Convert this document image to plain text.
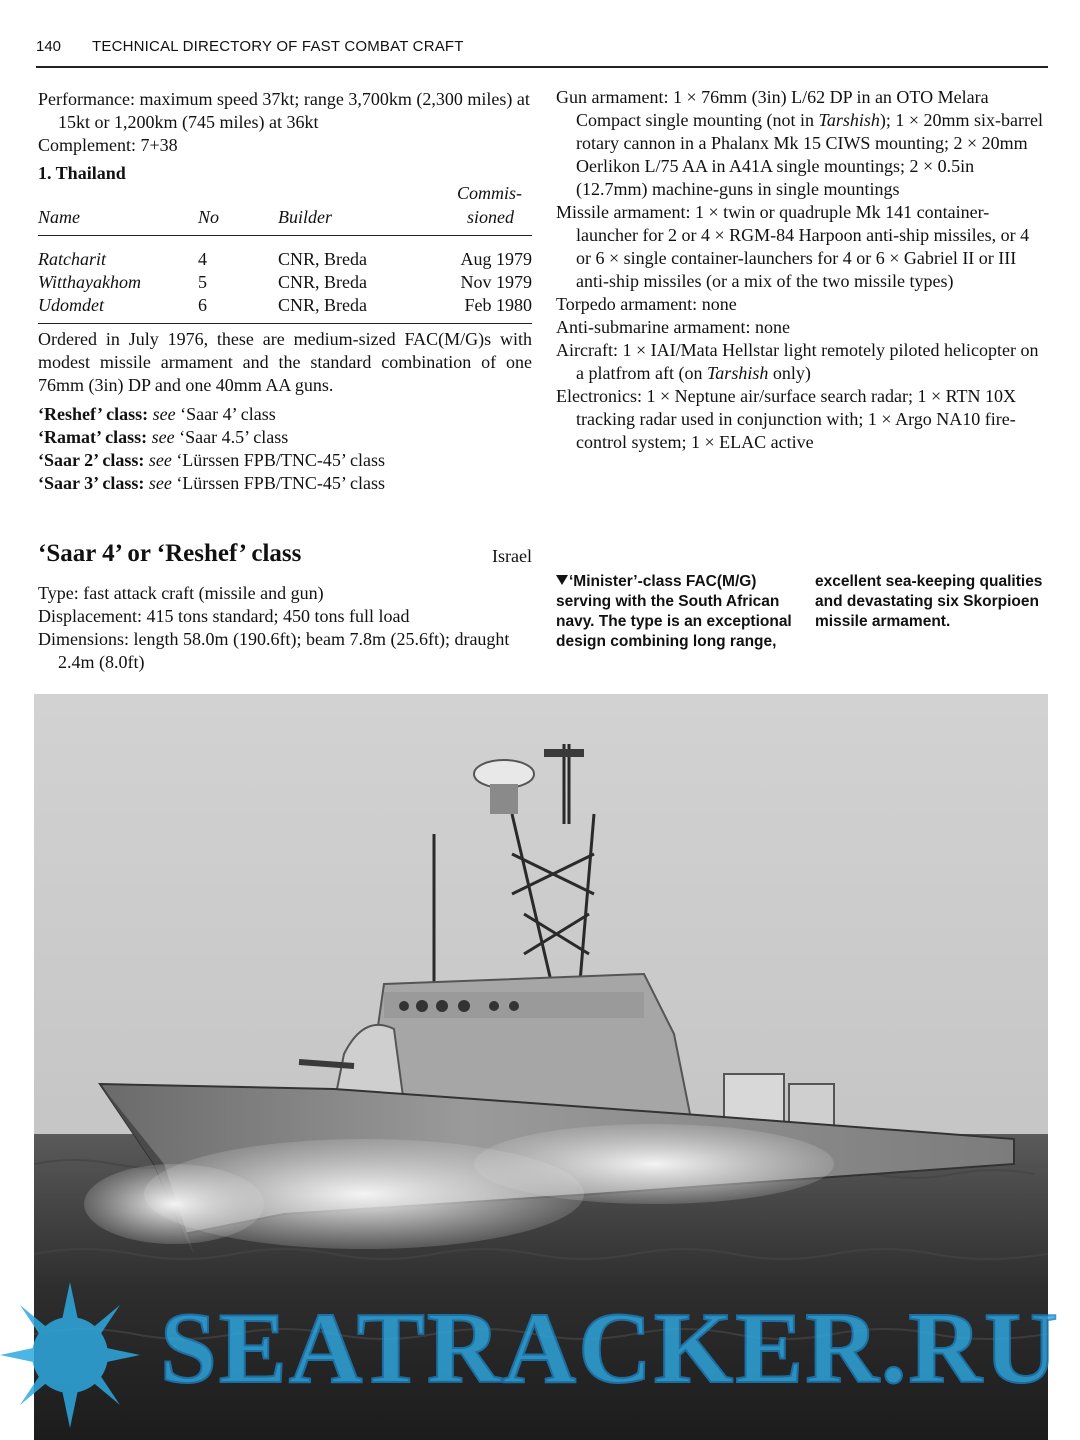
140 TECHNICAL DIRECTORY OF FAST COMBAT CRAFT

Performance: maximum speed 37kt; range 3,700km (2,300 miles) at 15kt or 1,200km (745 miles) at 36kt

Complement: 7+38

1. Thailand
Name	No	Builder	Commis-
sioned

Ratcharit	4	CNR, Breda	Aug 1979
Witthayakhom	5	CNR, Breda	Nov 1979
Udomdet	6	CNR, Breda	Feb 1980

Ordered in July 1976, these are medium-sized FAC(M/G)s with modest missile armament and the standard combination of one 76mm (3in) DP and one 40mm AA guns.

‘Reshef’ class: see ‘Saar 4’ class

‘Ramat’ class: see ‘Saar 4.5’ class

‘Saar 2’ class: see ‘Lürssen FPB/TNC-45’ class

‘Saar 3’ class: see ‘Lürssen FPB/TNC-45’ class

‘Saar 4’ or ‘Reshef’ class	Israel

Type: fast attack craft (missile and gun)

Displacement: 415 tons standard; 450 tons full load

Dimensions: length 58.0m (190.6ft); beam 7.8m (25.6ft); draught 2.4m (8.0ft)

Gun armament: 1 × 76mm (3in) L/62 DP in an OTO Melara Compact single mounting (not in Tarshish); 1 × 20mm six-barrel rotary cannon in a Phalanx Mk 15 CIWS mounting; 2 × 20mm Oerlikon L/75 AA in A41A single mountings; 2 × 0.5in (12.7mm) machine-guns in single mountings

Missile armament: 1 × twin or quadruple Mk 141 container-launcher for 2 or 4 × RGM-84 Harpoon anti-ship missiles, or 4 or 6 × single container-launchers for 4 or 6 × Gabriel II or III anti-ship missiles (or a mix of the two missile types)

Torpedo armament: none

Anti-submarine armament: none

Aircraft: 1 × IAI/Mata Hellstar light remotely piloted helicopter on a platfrom aft (on Tarshish only)

Electronics: 1 × Neptune air/surface search radar; 1 × RTN 10X tracking radar used in conjunction with; 1 × Argo NA10 fire-control system; 1 × ELAC active

‘Minister’-class FAC(M/G) serving with the South African navy. The type is an exceptional design combining long range,
excellent sea-keeping qualities and devastating six Skorpioen missile armament.
SEATRACKER.RU
